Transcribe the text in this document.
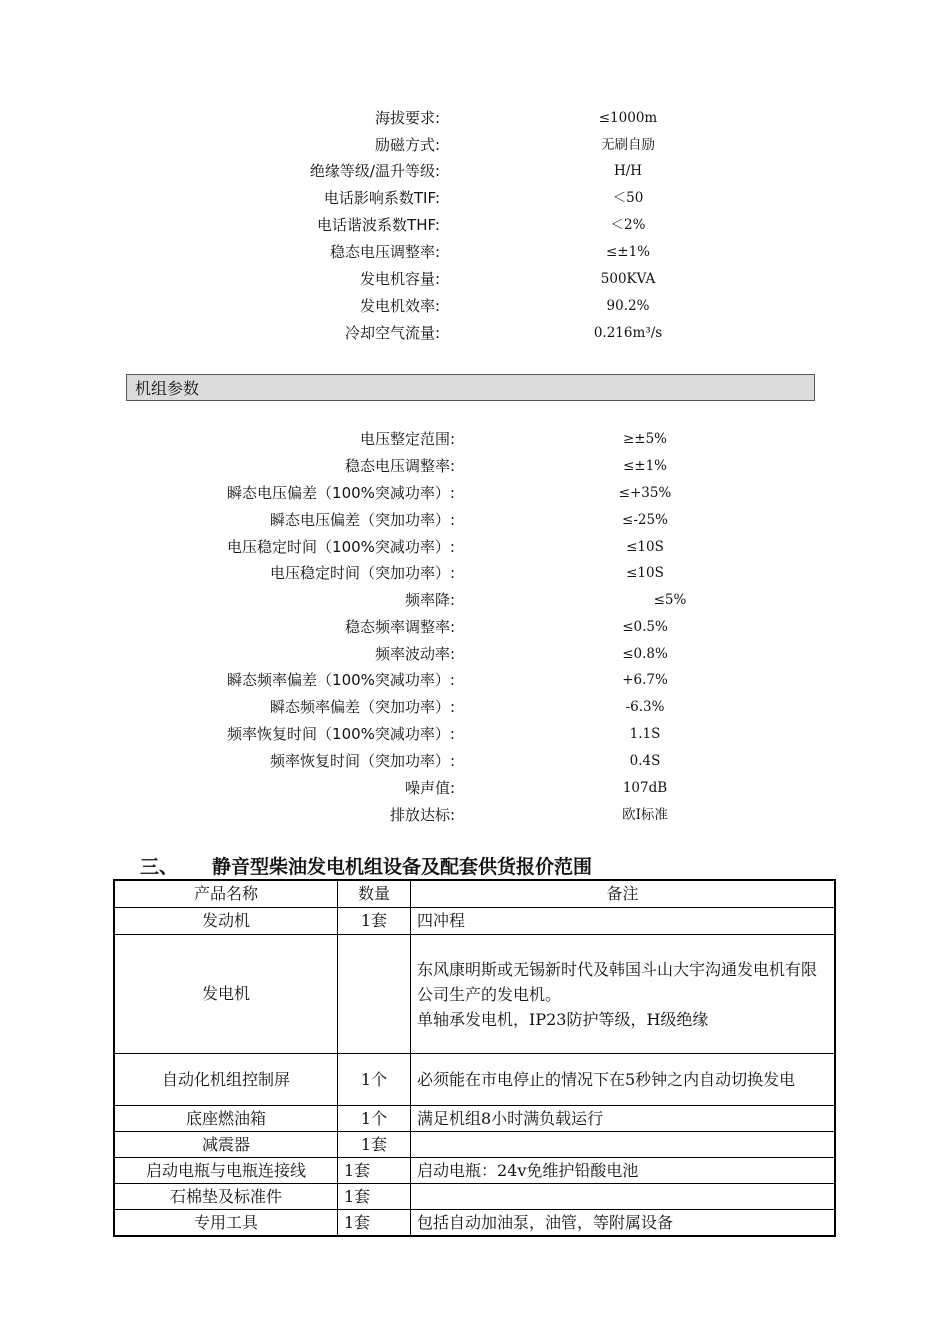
海拔要求:	≤1000m
励磁方式:	无刷自励
绝缘等级/温升等级:	H/H
电话影响系数TIF:	＜50
电话谐波系数THF:	＜2%
稳态电压调整率:	≤±1%
发电机容量:	500KVA
发电机效率:	90.2%
冷却空气流量:	0.216m³/s
机组参数
电压整定范围:	≥±5%
稳态电压调整率:	≤±1%
瞬态电压偏差（100%突减功率）:	≤+35%
瞬态电压偏差（突加功率）:	≤-25%
电压稳定时间（100%突减功率）:	≤10S
电压稳定时间（突加功率）:	≤10S
频率降:	≤5%
稳态频率调整率:	≤0.5%
频率波动率:	≤0.8%
瞬态频率偏差（100%突减功率）:	+6.7%
瞬态频率偏差（突加功率）:	-6.3%
频率恢复时间（100%突减功率）:	1.1S
频率恢复时间（突加功率）:	0.4S
噪声值:	107dB
排放达标:	欧Ⅰ标准
三、 静音型柴油发电机组设备及配套供货报价范围
产品名称	数量	备注
发动机	1套	四冲程
发电机		东风康明斯或无锡新时代及韩国斗山大宇沟通发电机有限公司生产的发电机。
单轴承发电机，IP23防护等级，H级绝缘

自动化机组控制屏	1个	必须能在市电停止的情况下在5秒钟之内自动切换发电
底座燃油箱	1个	满足机组8小时满负载运行
减震器	1套	
启动电瓶与电瓶连接线	1套	启动电瓶：24v免维护铅酸电池
石棉垫及标准件	1套	
专用工具	1套	包括自动加油泵，油管，等附属设备
